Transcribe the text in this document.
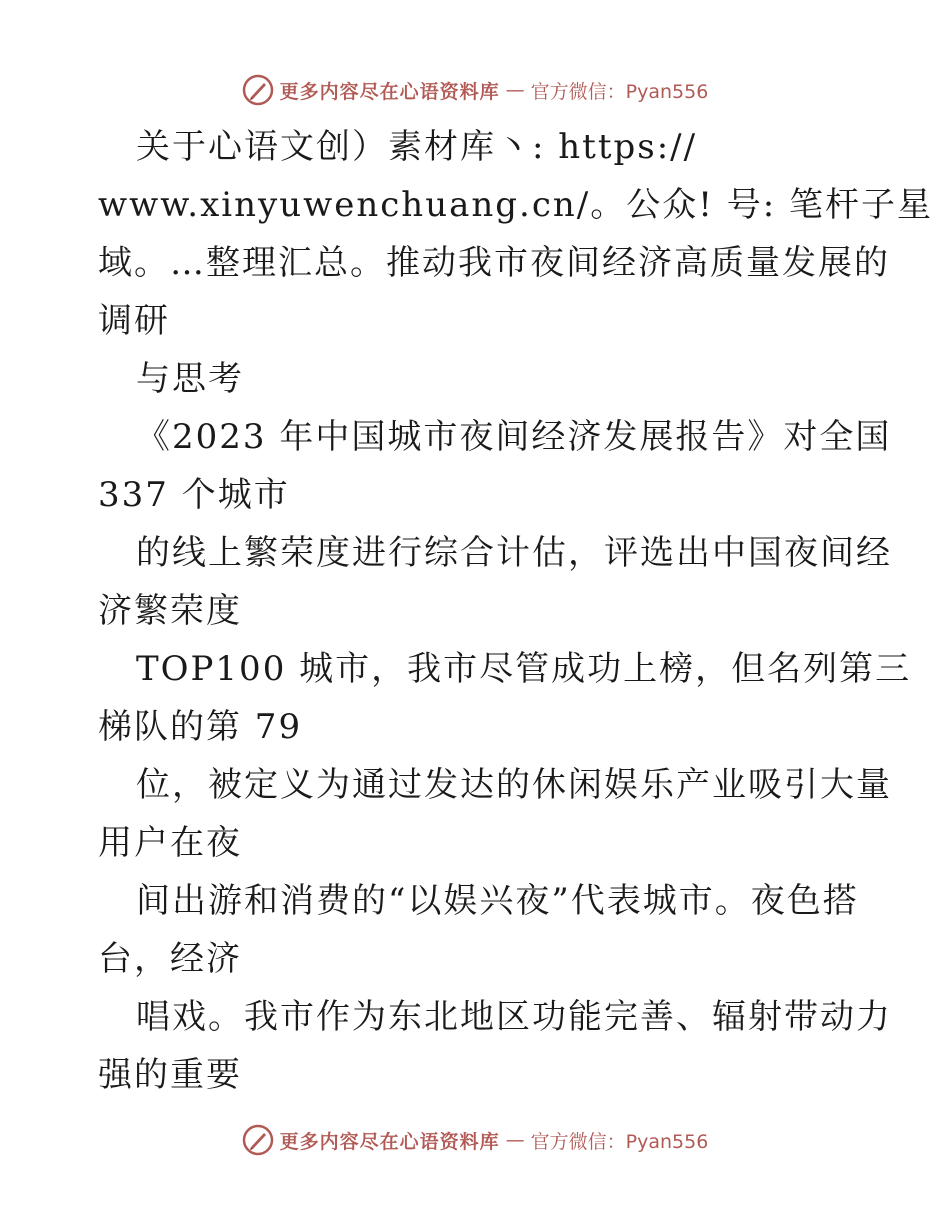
更多内容尽在心语资料库 — 官方微信：Pyan556
关于心语文创）素材库丶: https://
www.xinyuwenchuang.cn/。公众! 号: 笔杆子星
域。…整理汇总。推动我市夜间经济高质量发展的
调研
与思考
《2023 年中国城市夜间经济发展报告》对全国
337 个城市
的线上繁荣度进行综合计估，评选出中国夜间经
济繁荣度
TOP100 城市，我市尽管成功上榜，但名列第三
梯队的第 79
位，被定义为通过发达的休闲娱乐产业吸引大量
用户在夜
间出游和消费的“以娱兴夜”代表城市。夜色搭
台，经济
唱戏。我市作为东北地区功能完善、辐射带动力
强的重要
更多内容尽在心语资料库 — 官方微信：Pyan556
